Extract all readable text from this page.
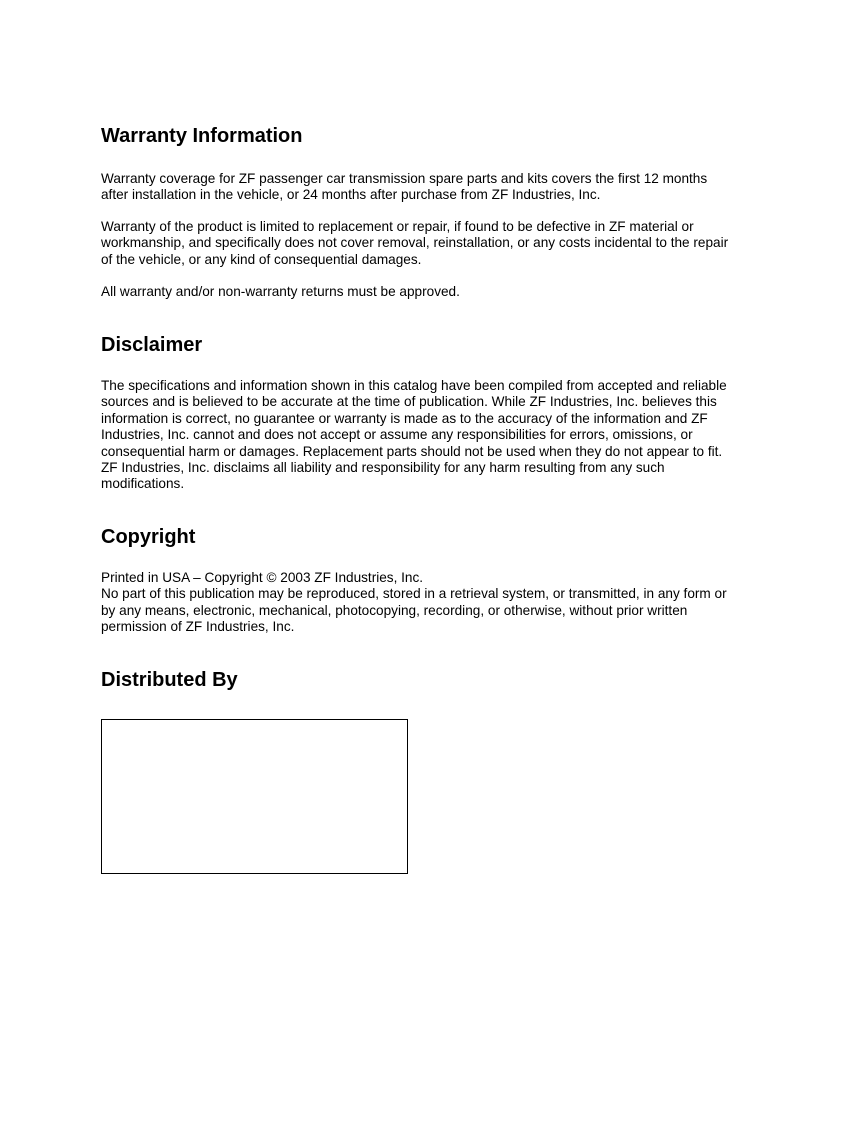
Warranty Information

Warranty coverage for ZF passenger car transmission spare parts and kits covers the first 12 months
after installation in the vehicle, or 24 months after purchase from ZF Industries, Inc.

Warranty of the product is limited to replacement or repair, if found to be defective in ZF material or
workmanship, and specifically does not cover removal, reinstallation, or any costs incidental to the repair
of the vehicle, or any kind of consequential damages.

All warranty and/or non-warranty returns must be approved.

Disclaimer

The specifications and information shown in this catalog have been compiled from accepted and reliable
sources and is believed to be accurate at the time of publication. While ZF Industries, Inc. believes this
information is correct, no guarantee or warranty is made as to the accuracy of the information and ZF
Industries, Inc. cannot and does not accept or assume any responsibilities for errors, omissions, or
consequential harm or damages. Replacement parts should not be used when they do not appear to fit.
ZF Industries, Inc. disclaims all liability and responsibility for any harm resulting from any such
modifications.

Copyright

Printed in USA – Copyright © 2003 ZF Industries, Inc.
No part of this publication may be reproduced, stored in a retrieval system, or transmitted, in any form or
by any means, electronic, mechanical, photocopying, recording, or otherwise, without prior written
permission of ZF Industries, Inc.

Distributed By
